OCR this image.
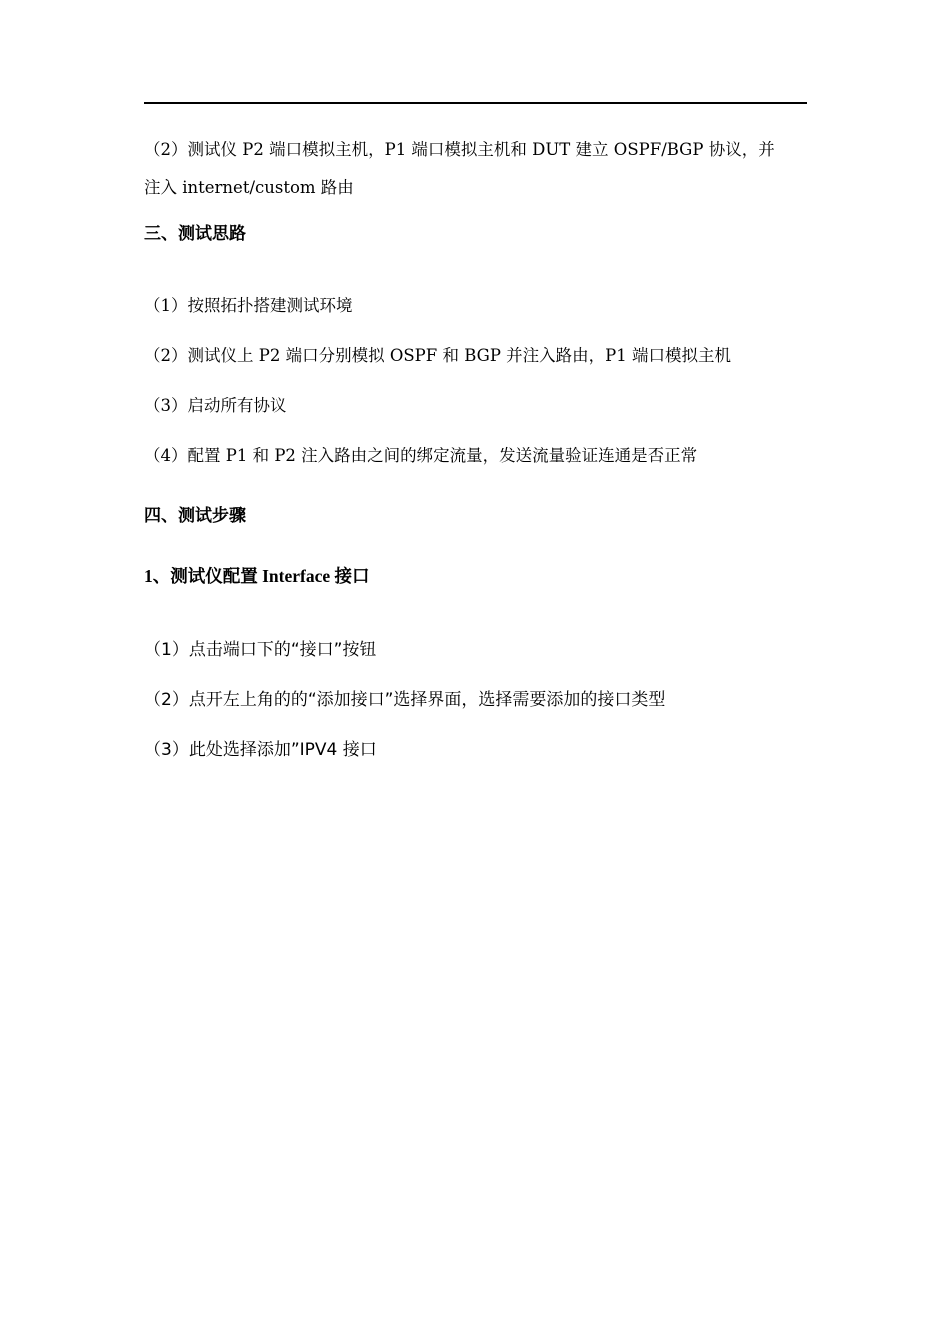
（2）测试仪 P2 端口模拟主机，P1 端口模拟主机和 DUT 建立 OSPF/BGP 协议，并
注入 internet/custom 路由
三、测试思路
（1）按照拓扑搭建测试环境
（2）测试仪上 P2 端口分别模拟 OSPF 和 BGP 并注入路由，P1 端口模拟主机
（3）启动所有协议
（4）配置 P1 和 P2 注入路由之间的绑定流量，发送流量验证连通是否正常
四、测试步骤
1、测试仪配置 Interface 接口
（1）点击端口下的“接口”按钮
（2）点开左上角的的“添加接口”选择界面，选择需要添加的接口类型
（3）此处选择添加”IPV4 接口
